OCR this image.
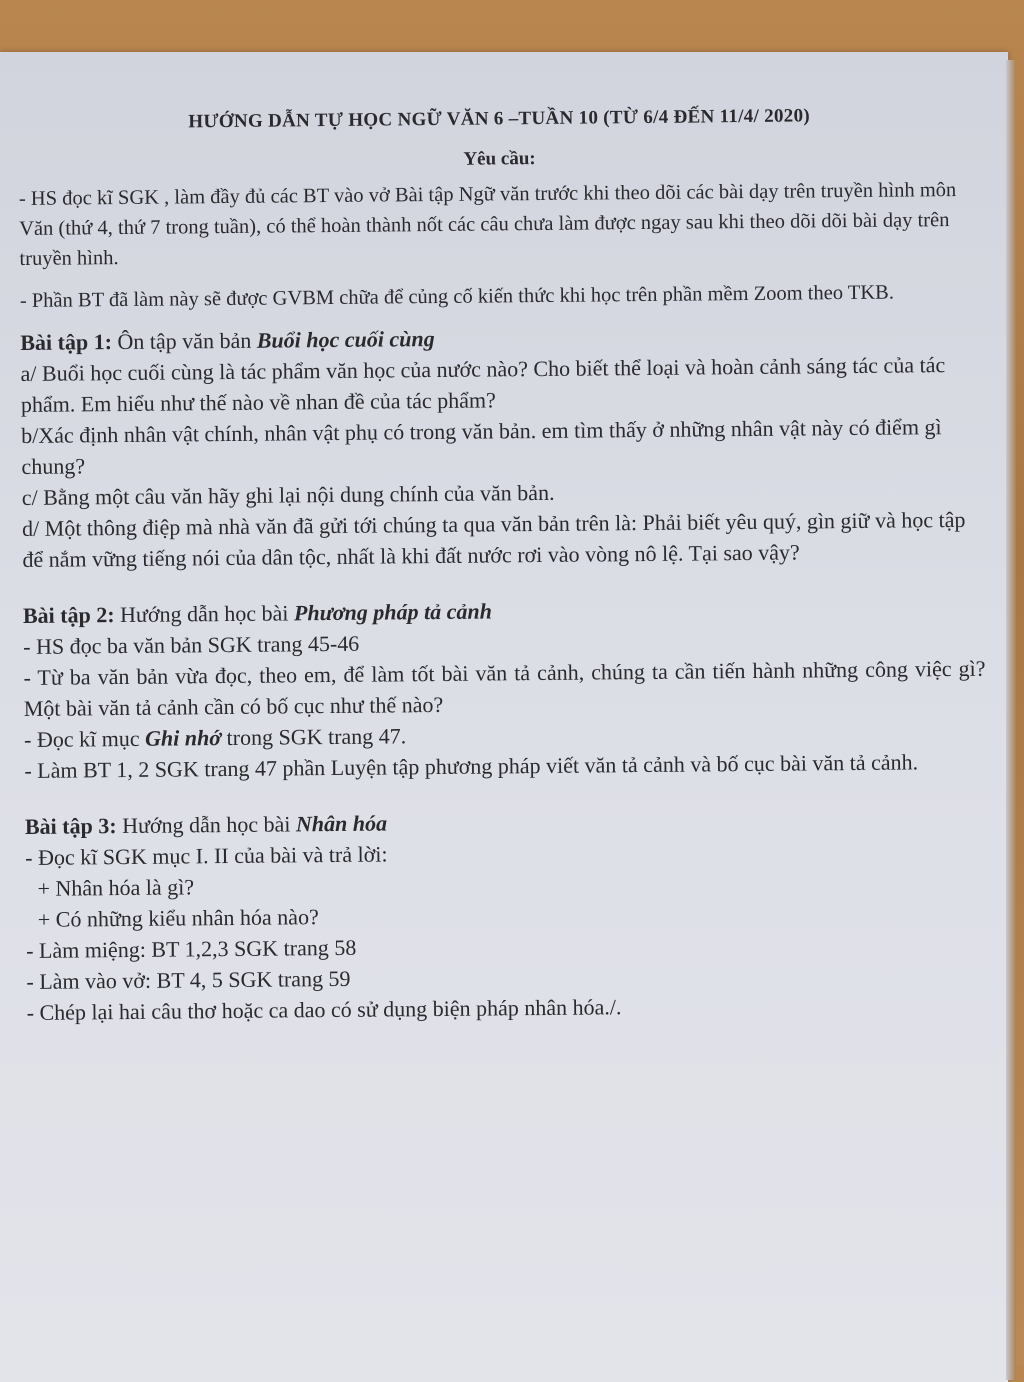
HƯỚNG DẪN TỰ HỌC NGỮ VĂN 6 –TUẦN 10 (TỪ 6/4 ĐẾN 11/4/ 2020)

Yêu cầu:

- HS đọc kĩ SGK , làm đầy đủ các BT vào vở Bài tập Ngữ văn trước khi theo dõi các bài dạy trên truyền hình môn Văn (thứ 4, thứ 7 trong tuần), có thể hoàn thành nốt các câu chưa làm được ngay sau khi theo dõi dõi bài dạy trên truyền hình.

- Phần BT đã làm này sẽ được GVBM chữa để củng cố kiến thức khi học trên phần mềm Zoom theo TKB.

Bài tập 1: Ôn tập văn bản Buổi học cuối cùng

a/ Buổi học cuối cùng là tác phẩm văn học của nước nào? Cho biết thể loại và hoàn cảnh sáng tác của tác phẩm. Em hiểu như thế nào về nhan đề của tác phẩm?

b/Xác định nhân vật chính, nhân vật phụ có trong văn bản. em tìm thấy ở những nhân vật này có điểm gì chung?

c/ Bằng một câu văn hãy ghi lại nội dung chính của văn bản.

d/ Một thông điệp mà nhà văn đã gửi tới chúng ta qua văn bản trên là: Phải biết yêu quý, gìn giữ và học tập để nắm vững tiếng nói của dân tộc, nhất là khi đất nước rơi vào vòng nô lệ. Tại sao vậy?

Bài tập 2: Hướng dẫn học bài Phương pháp tả cảnh

- HS đọc ba văn bản SGK trang 45-46

- Từ ba văn bản vừa đọc, theo em, để làm tốt bài văn tả cảnh, chúng ta cần tiến hành những công việc gì? Một bài văn tả cảnh cần có bố cục như thế nào?

- Đọc kĩ mục Ghi nhớ trong SGK trang 47.

- Làm BT 1, 2 SGK trang 47 phần Luyện tập phương pháp viết văn tả cảnh và bố cục bài văn tả cảnh.

Bài tập 3: Hướng dẫn học bài Nhân hóa

- Đọc kĩ SGK mục I. II của bài và trả lời:

+ Nhân hóa là gì?

+ Có những kiểu nhân hóa nào?

- Làm miệng: BT 1,2,3 SGK trang 58

- Làm vào vở: BT 4, 5 SGK trang 59

- Chép lại hai câu thơ hoặc ca dao có sử dụng biện pháp nhân hóa./.
